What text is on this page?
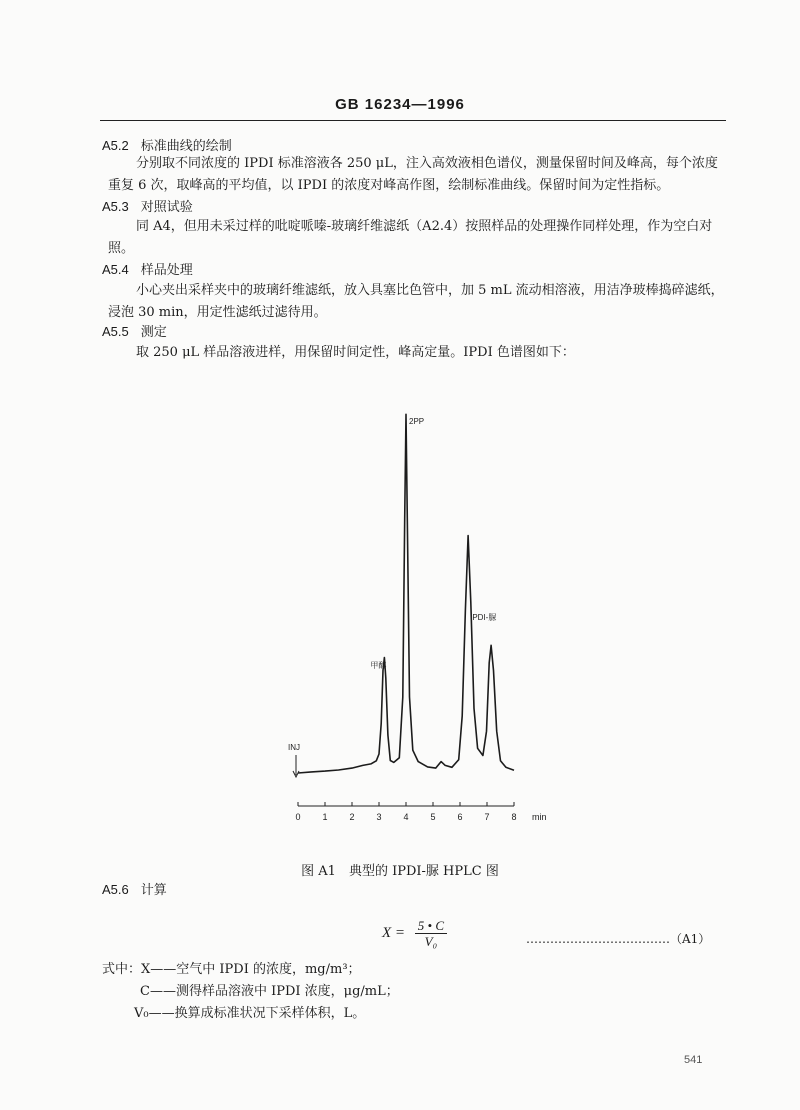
GB 16234—1996
A5.2 标准曲线的绘制
分别取不同浓度的 IPDI 标准溶液各 250 μL，注入高效液相色谱仪，测量保留时间及峰高，每个浓度重复 6 次，取峰高的平均值，以 IPDI 的浓度对峰高作图，绘制标准曲线。保留时间为定性指标。
A5.3 对照试验
同 A4，但用未采过样的吡啶哌嗪-玻璃纤维滤纸（A2.4）按照样品的处理操作同样处理，作为空白对照。
A5.4 样品处理
小心夹出采样夹中的玻璃纤维滤纸，放入具塞比色管中，加 5 mL 流动相溶液，用洁净玻棒捣碎滤纸，浸泡 30 min，用定性滤纸过滤待用。
A5.5 测定
取 250 μL 样品溶液进样，用保留时间定性，峰高定量。IPDI 色谱图如下：
0 1 2 3 4 5 6 7 8 min
INJ
甲醇
2PP
IPDI-脲
图 A1　典型的 IPDI-脲 HPLC 图
A5.6 计算
$X = \frac{5 • C}{\text{V₀}}$	………………………………（A1）
式中：X——空气中 IPDI 的浓度，mg/m³；
C——测得样品溶液中 IPDI 浓度，μg/mL；
V₀——换算成标准状况下采样体积，L。
541
